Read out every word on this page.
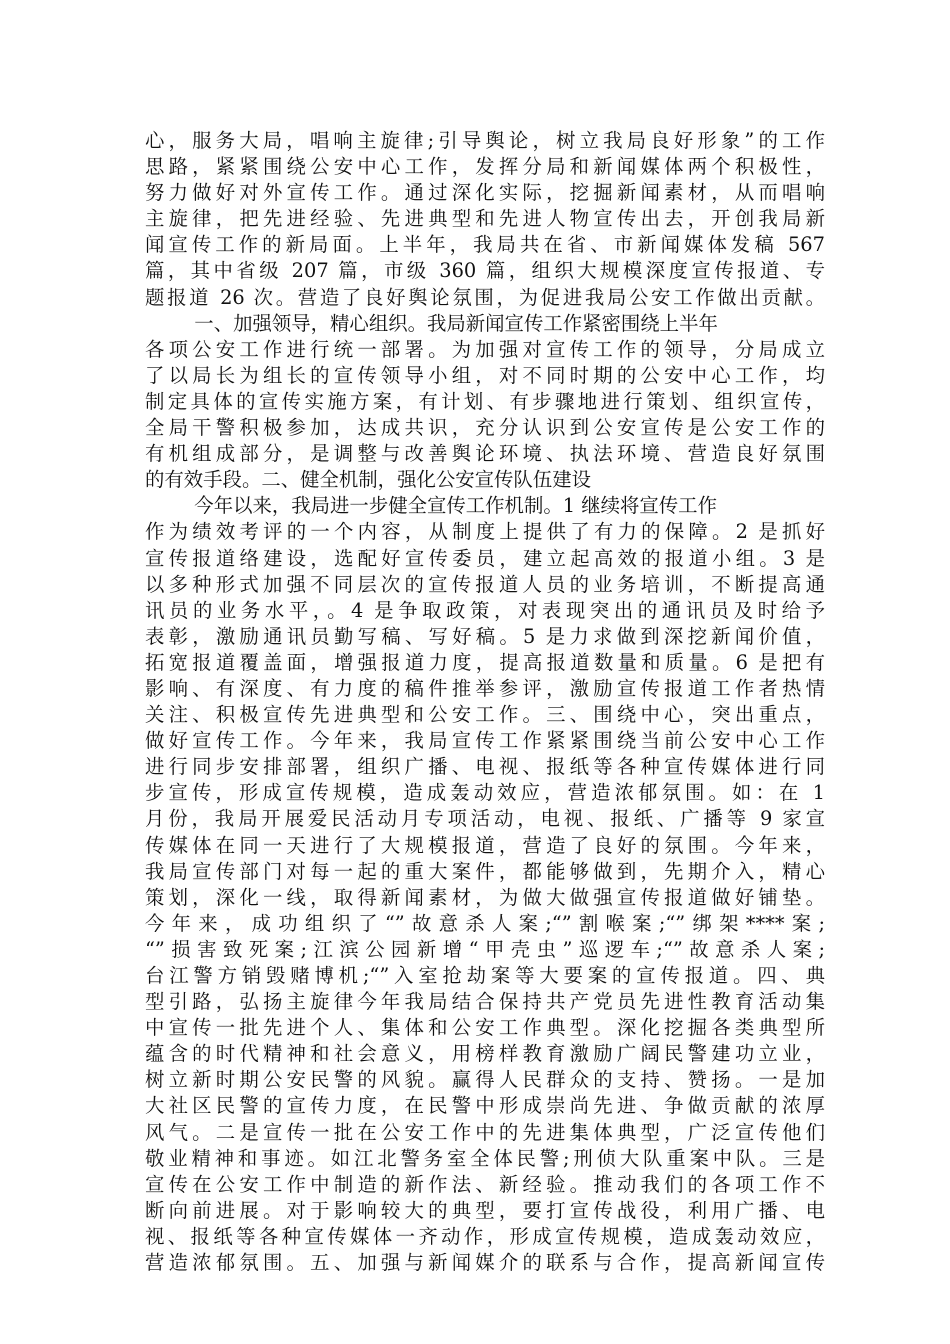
心，服务大局，唱响主旋律;引导舆论，树立我局良好形象”的工作
思路，紧紧围绕公安中心工作，发挥分局和新闻媒体两个积极性，
努力做好对外宣传工作。通过深化实际，挖掘新闻素材，从而唱响
主旋律，把先进经验、先进典型和先进人物宣传出去，开创我局新
闻宣传工作的新局面。上半年，我局共在省、市新闻媒体发稿 567
篇，其中省级 207 篇，市级 360 篇，组织大规模深度宣传报道、专
题报道 26 次。营造了良好舆论氛围，为促进我局公安工作做出贡献。
一、加强领导，精心组织。我局新闻宣传工作紧密围绕上半年
各项公安工作进行统一部署。为加强对宣传工作的领导，分局成立
了以局长为组长的宣传领导小组，对不同时期的公安中心工作，均
制定具体的宣传实施方案，有计划、有步骤地进行策划、组织宣传，
全局干警积极参加，达成共识，充分认识到公安宣传是公安工作的
有机组成部分，是调整与改善舆论环境、执法环境、营造良好氛围
的有效手段。二、健全机制，强化公安宣传队伍建设
今年以来，我局进一步健全宣传工作机制。1 继续将宣传工作
作为绩效考评的一个内容，从制度上提供了有力的保障。2 是抓好
宣传报道络建设，选配好宣传委员，建立起高效的报道小组。3 是
以多种形式加强不同层次的宣传报道人员的业务培训，不断提高通
讯员的业务水平，。4 是争取政策，对表现突出的通讯员及时给予
表彰，激励通讯员勤写稿、写好稿。5 是力求做到深挖新闻价值，
拓宽报道覆盖面，增强报道力度，提高报道数量和质量。6 是把有
影响、有深度、有力度的稿件推举参评，激励宣传报道工作者热情
关注、积极宣传先进典型和公安工作。三、围绕中心，突出重点，
做好宣传工作。今年来，我局宣传工作紧紧围绕当前公安中心工作
进行同步安排部署，组织广播、电视、报纸等各种宣传媒体进行同
步宣传，形成宣传规模，造成轰动效应，营造浓郁氛围。如：在 1
月份，我局开展爱民活动月专项活动，电视、报纸、广播等 9 家宣
传媒体在同一天进行了大规模报道，营造了良好的氛围。今年来，
我局宣传部门对每一起的重大案件，都能够做到，先期介入，精心
策划，深化一线，取得新闻素材，为做大做强宣传报道做好铺垫。
今年来，成功组织了“”故意杀人案;“”割喉案;“”绑架****案;
“”损害致死案;江滨公园新增“甲壳虫”巡逻车;“”故意杀人案;
台江警方销毁赌博机;“”入室抢劫案等大要案的宣传报道。四、典
型引路，弘扬主旋律今年我局结合保持共产党员先进性教育活动集
中宣传一批先进个人、集体和公安工作典型。深化挖掘各类典型所
蕴含的时代精神和社会意义，用榜样教育激励广阔民警建功立业，
树立新时期公安民警的风貌。赢得人民群众的支持、赞扬。一是加
大社区民警的宣传力度，在民警中形成崇尚先进、争做贡献的浓厚
风气。二是宣传一批在公安工作中的先进集体典型，广泛宣传他们
敬业精神和事迹。如江北警务室全体民警;刑侦大队重案中队。三是
宣传在公安工作中制造的新作法、新经验。推动我们的各项工作不
断向前进展。对于影响较大的典型，要打宣传战役，利用广播、电
视、报纸等各种宣传媒体一齐动作，形成宣传规模，造成轰动效应，
营造浓郁氛围。五、加强与新闻媒介的联系与合作，提高新闻宣传
